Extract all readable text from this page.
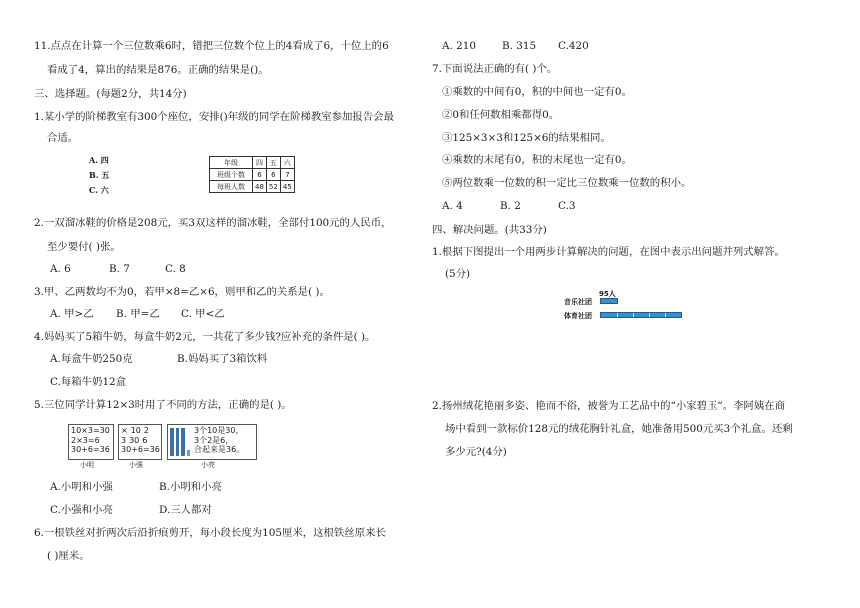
11.点点在计算一个三位数乘6时，错把三位数个位上的4看成了6，十位上的6
看成了4，算出的结果是876。正确的结果是()。
三、选择题。(每题2分，共14分)
1.某小学的阶梯教室有300个座位，安排()年级的同学在阶梯教室参加报告会最
合适。
A. 四
B. 五
C. 六
年级	四	五	六
班级个数	6	6	7
每班人数	48	52	45
2.一双溜冰鞋的价格是208元，买3双这样的溜冰鞋，全部付100元的人民币，
至少要付( )张。
A. 6	B. 7	C. 8
3.甲、乙两数均不为0，若甲×8=乙×6，则甲和乙的关系是( )。
A. 甲>乙 B. 甲=乙 C. 甲<乙
4.妈妈买了5箱牛奶，每盒牛奶2元，一共花了多少钱?应补充的条件是( )。
A.每盒牛奶250克	B.妈妈买了3箱饮料
C.每箱牛奶12盒
5.三位同学计算12×3时用了不同的方法，正确的是( )。
10×3=30
2×3=6
30+6=36
× 10 2
3 30 6
30+6=36
3个10是30，
3个2是6，
合起来是36。
小明	小强	小亮
A.小明和小强	B.小明和小亮
C.小强和小亮	D.三人都对
6.一根铁丝对折两次后沿折痕剪开，每小段长度为105厘米，这根铁丝原来长
( )厘米。
A. 210	B. 315 C.420
7.下面说法正确的有( )个。
①乘数的中间有0，积的中间也一定有0。
②0和任何数相乘都得0。
③125×3×3和125×6的结果相同。
④乘数的末尾有0，积的末尾也一定有0。
⑤两位数乘一位数的积一定比三位数乘一位数的积小。
A. 4	B. 2	C.3
四、解决问题。(共33分)
1.根据下图提出一个用两步计算解决的问题，在图中表示出问题并列式解答。
(5分)
95人
音乐社团
体育社团
2.扬州绒花艳丽多姿、艳而不俗，被誉为工艺品中的“小家碧玉”。李阿姨在商
场中看到一款标价128元的绒花胸针礼盒，她准备用500元买3个礼盒。还剩
多少元?(4分)
